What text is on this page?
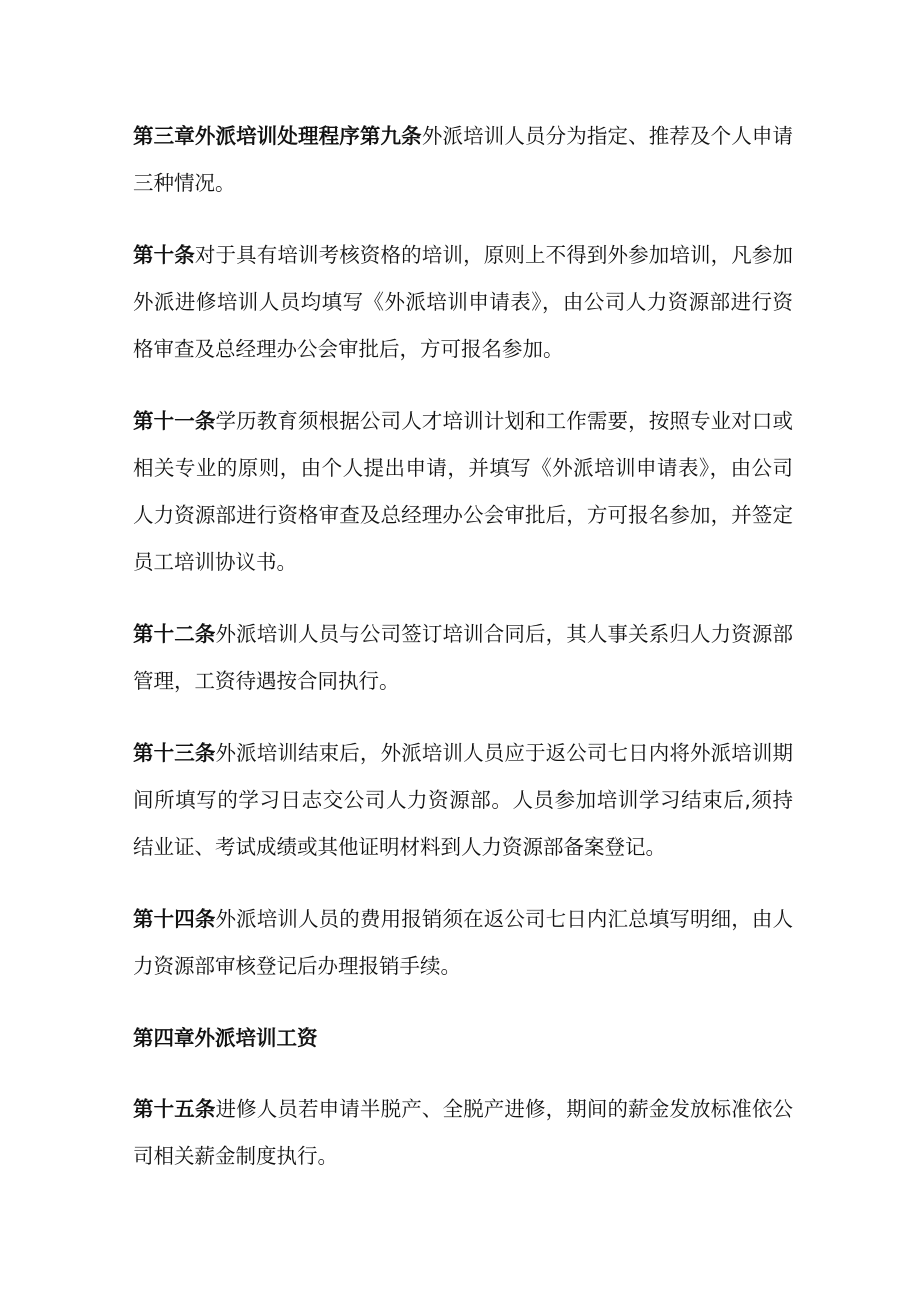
第三章外派培训处理程序第九条外派培训人员分为指定、推荐及个人申请三种情况。

第十条对于具有培训考核资格的培训，原则上不得到外参加培训，凡参加外派进修培训人员均填写《外派培训申请表》，由公司人力资源部进行资格审查及总经理办公会审批后，方可报名参加。

第十一条学历教育须根据公司人才培训计划和工作需要，按照专业对口或相关专业的原则，由个人提出申请，并填写《外派培训申请表》，由公司人力资源部进行资格审查及总经理办公会审批后，方可报名参加，并签定员工培训协议书。

第十二条外派培训人员与公司签订培训合同后，其人事关系归人力资源部管理，工资待遇按合同执行。

第十三条外派培训结束后，外派培训人员应于返公司七日内将外派培训期间所填写的学习日志交公司人力资源部。人员参加培训学习结束后,须持结业证、考试成绩或其他证明材料到人力资源部备案登记。

第十四条外派培训人员的费用报销须在返公司七日内汇总填写明细，由人力资源部审核登记后办理报销手续。

第四章外派培训工资

第十五条进修人员若申请半脱产、全脱产进修，期间的薪金发放标准依公司相关薪金制度执行。
